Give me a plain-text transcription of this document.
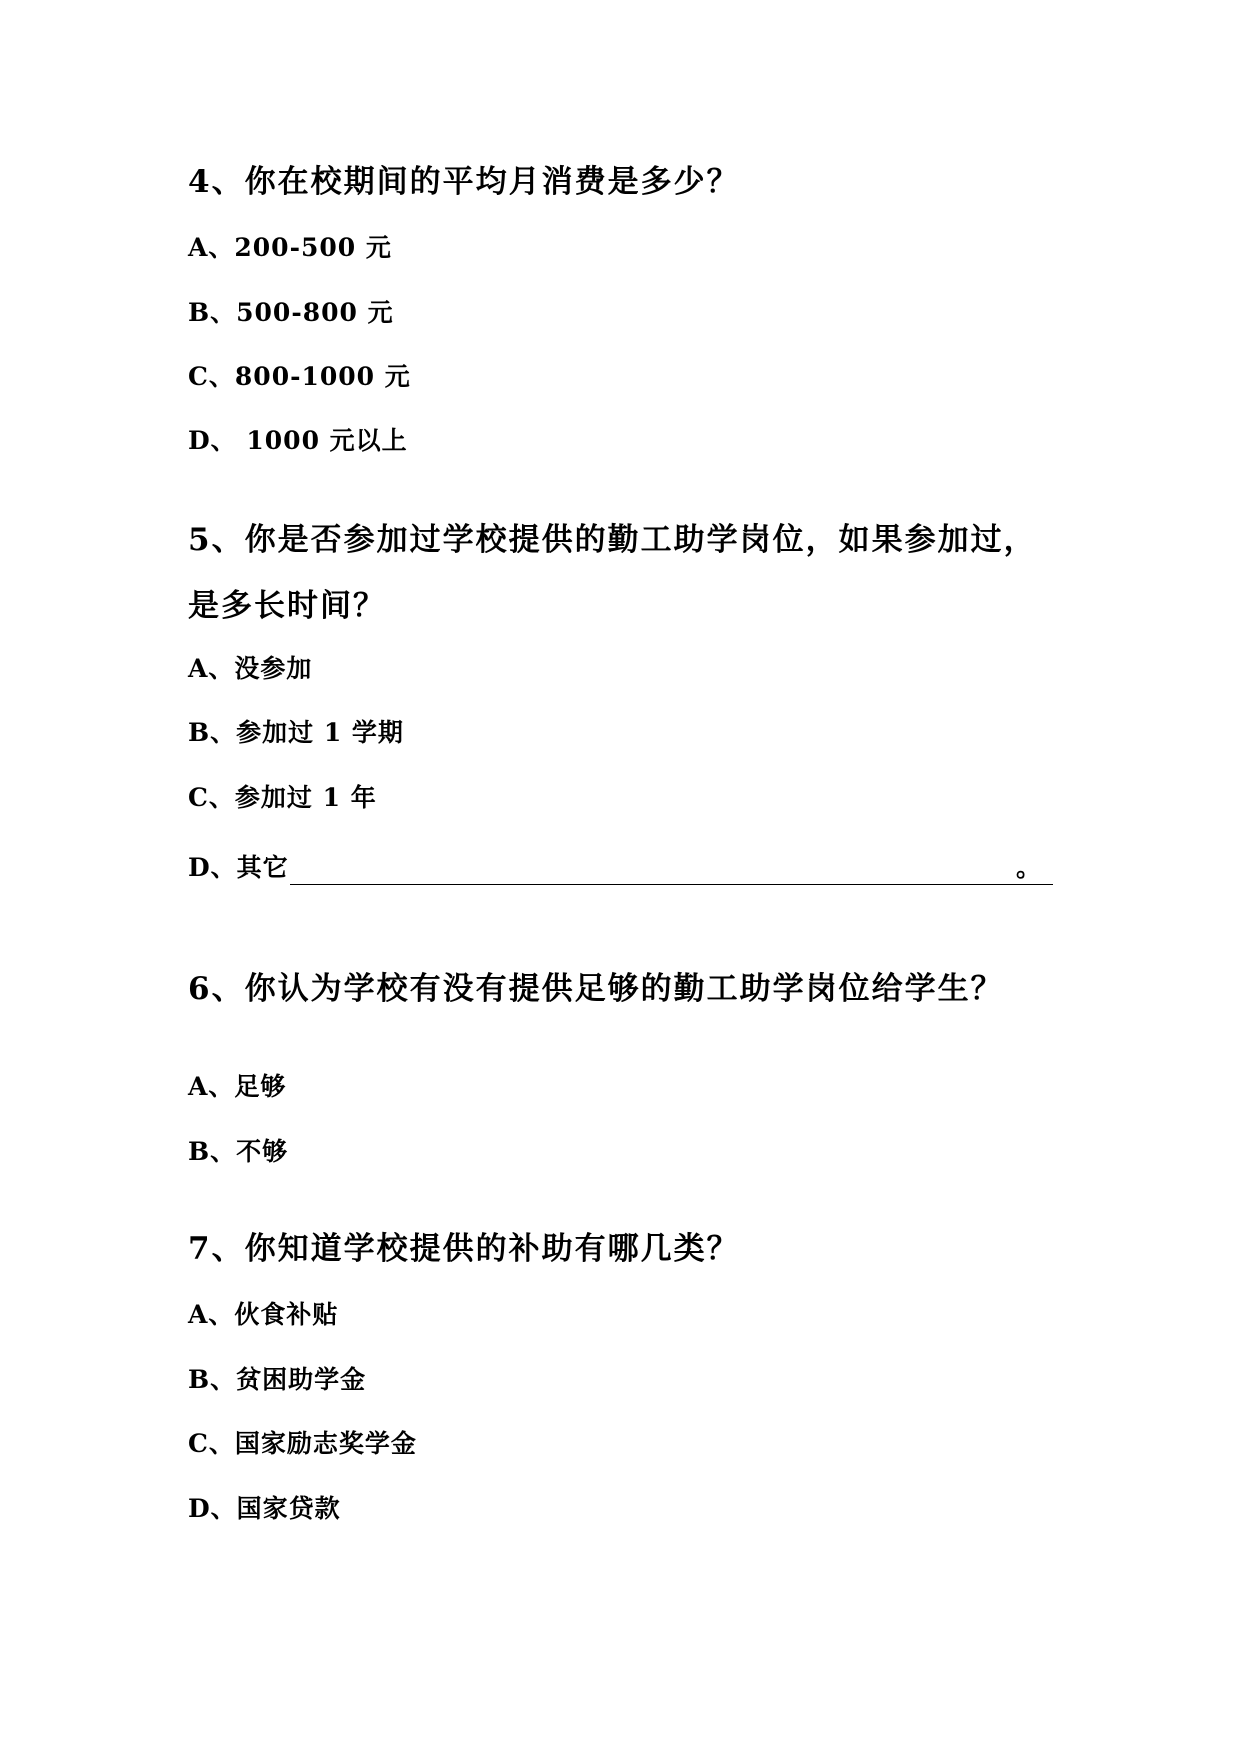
4、你在校期间的平均月消费是多少？
A、200-500 元
B、500-800 元
C、800-1000 元
D、 1000 元以上
5、你是否参加过学校提供的勤工助学岗位，如果参加过，
是多长时间？
A、没参加
B、参加过 1 学期
C、参加过 1 年
D、其它	。
6、你认为学校有没有提供足够的勤工助学岗位给学生？
A、足够
B、不够
7、你知道学校提供的补助有哪几类？
A、伙食补贴
B、贫困助学金
C、国家励志奖学金
D、国家贷款
